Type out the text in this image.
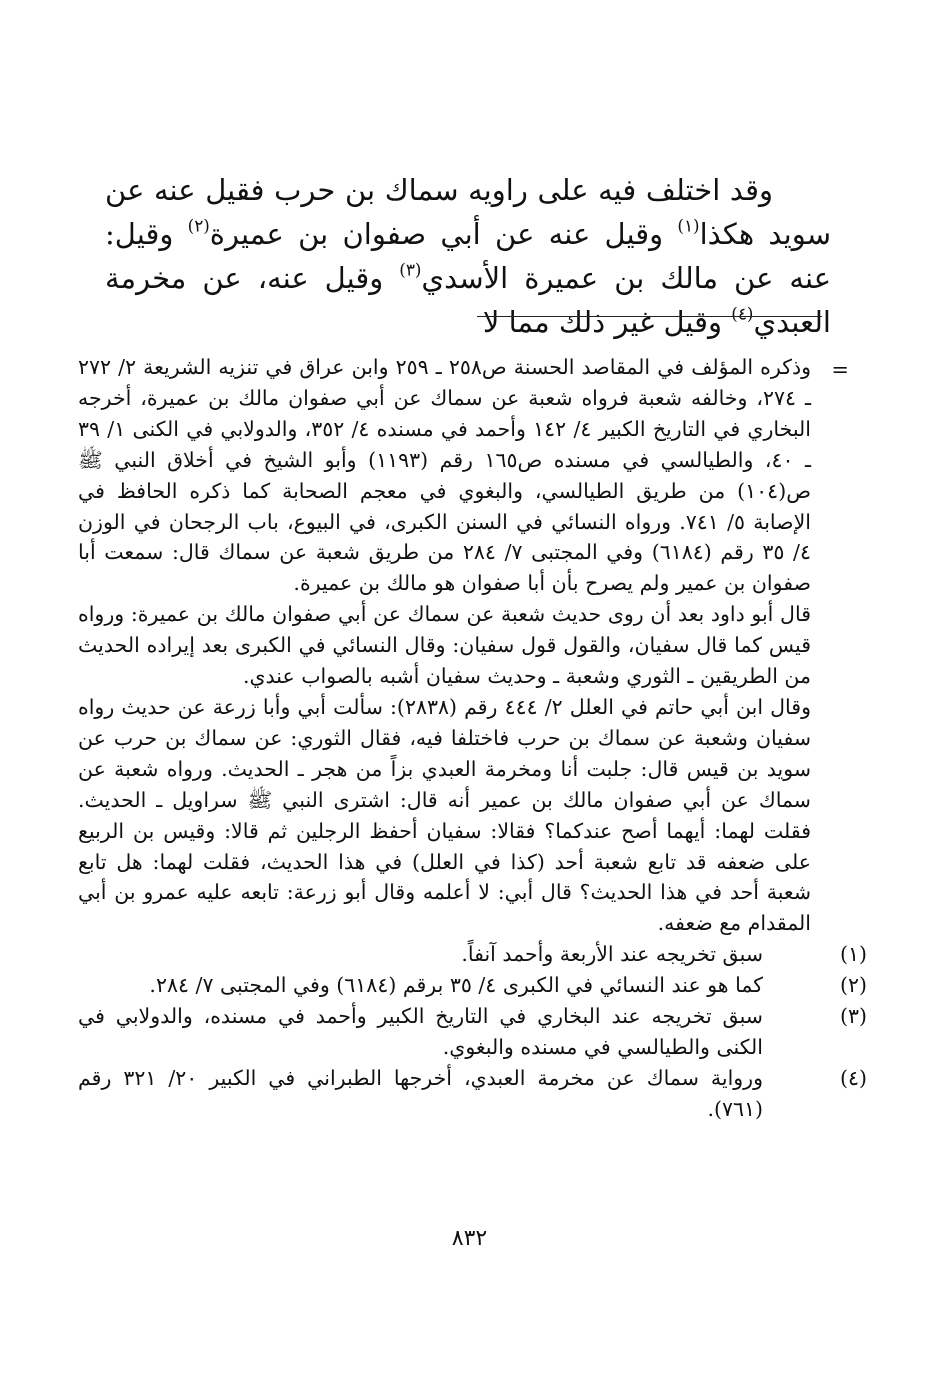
وقد اختلف فيه على راويه سماك بن حرب فقيل عنه عن سويد هكذا$^{(١)}$ وقيل عنه عن أبي صفوان بن عميرة$^{(٢)}$ وقيل: عنه عن مالك بن عميرة الأسدي$^{(٣)}$ وقيل عنه، عن مخرمة العبدي$^{(٤)}$ وقيل غير ذلك مما لا

=

وذكره المؤلف في المقاصد الحسنة ص٢٥٨ ـ ٢٥٩ وابن عراق في تنزيه الشريعة ٢/ ٢٧٢ ـ ٢٧٤، وخالفه شعبة فرواه شعبة عن سماك عن أبي صفوان مالك بن عميرة، أخرجه البخاري في التاريخ الكبير ٤/ ١٤٢ وأحمد في مسنده ٤/ ٣٥٢، والدولابي في الكنى ١/ ٣٩ ـ ٤٠، والطيالسي في مسنده ص١٦٥ رقم (١١٩٣) وأبو الشيخ في أخلاق النبي ﷺ ص(١٠٤) من طريق الطيالسي، والبغوي في معجم الصحابة كما ذكره الحافظ في الإصابة ٥/ ٧٤١. ورواه النسائي في السنن الكبرى، في البيوع، باب الرجحان في الوزن ٤/ ٣٥ رقم (٦١٨٤) وفي المجتبى ٧/ ٢٨٤ من طريق شعبة عن سماك قال: سمعت أبا صفوان بن عمير ولم يصرح بأن أبا صفوان هو مالك بن عميرة.

قال أبو داود بعد أن روى حديث شعبة عن سماك عن أبي صفوان مالك بن عميرة: ورواه قيس كما قال سفيان، والقول قول سفيان: وقال النسائي في الكبرى بعد إيراده الحديث من الطريقين ـ الثوري وشعبة ـ وحديث سفيان أشبه بالصواب عندي.

وقال ابن أبي حاتم في العلل ٢/ ٤٤٤ رقم (٢٨٣٨): سألت أبي وأبا زرعة عن حديث رواه سفيان وشعبة عن سماك بن حرب فاختلفا فيه، فقال الثوري: عن سماك بن حرب عن سويد بن قيس قال: جلبت أنا ومخرمة العبدي بزاً من هجر ـ الحديث. ورواه شعبة عن سماك عن أبي صفوان مالك بن عمير أنه قال: اشترى النبي ﷺ سراويل ـ الحديث. فقلت لهما: أيهما أصح عندكما؟ فقالا: سفيان أحفظ الرجلين ثم قالا: وقيس بن الربيع على ضعفه قد تابع شعبة أحد (كذا في العلل) في هذا الحديث، فقلت لهما: هل تابع شعبة أحد في هذا الحديث؟ قال أبي: لا أعلمه وقال أبو زرعة: تابعه عليه عمرو بن أبي المقدام مع ضعفه.

(١)
سبق تخريجه عند الأربعة وأحمد آنفاً.
(٢)
كما هو عند النسائي في الكبرى ٤/ ٣٥ برقم (٦١٨٤) وفي المجتبى ٧/ ٢٨٤.
(٣)
سبق تخريجه عند البخاري في التاريخ الكبير وأحمد في مسنده، والدولابي في الكنى والطيالسي في مسنده والبغوي.
(٤)
ورواية سماك عن مخرمة العبدي، أخرجها الطبراني في الكبير ٢٠/ ٣٢١ رقم (٧٦١).
٨٣٢
